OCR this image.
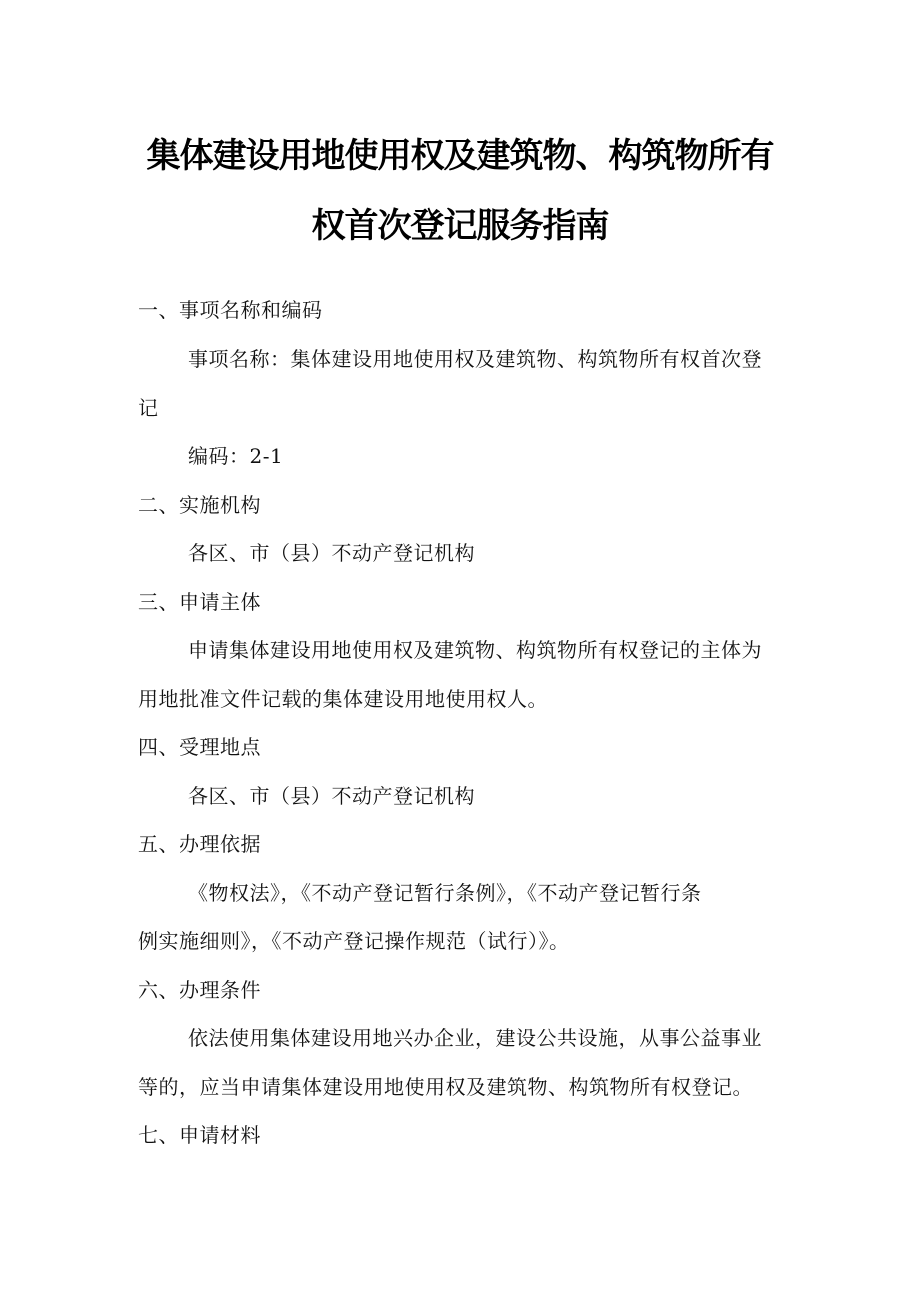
集体建设用地使用权及建筑物、构筑物所有
权首次登记服务指南

一、事项名称和编码

事项名称：集体建设用地使用权及建筑物、构筑物所有权首次登

记

编码：2-1

二、实施机构

各区、市（县）不动产登记机构

三、申请主体

申请集体建设用地使用权及建筑物、构筑物所有权登记的主体为

用地批准文件记载的集体建设用地使用权人。

四、受理地点

各区、市（县）不动产登记机构

五、办理依据

《物权法》，《不动产登记暂行条例》，《不动产登记暂行条

例实施细则》，《不动产登记操作规范（试行）》。

六、办理条件

依法使用集体建设用地兴办企业，建设公共设施，从事公益事业

等的，应当申请集体建设用地使用权及建筑物、构筑物所有权登记。

七、申请材料
